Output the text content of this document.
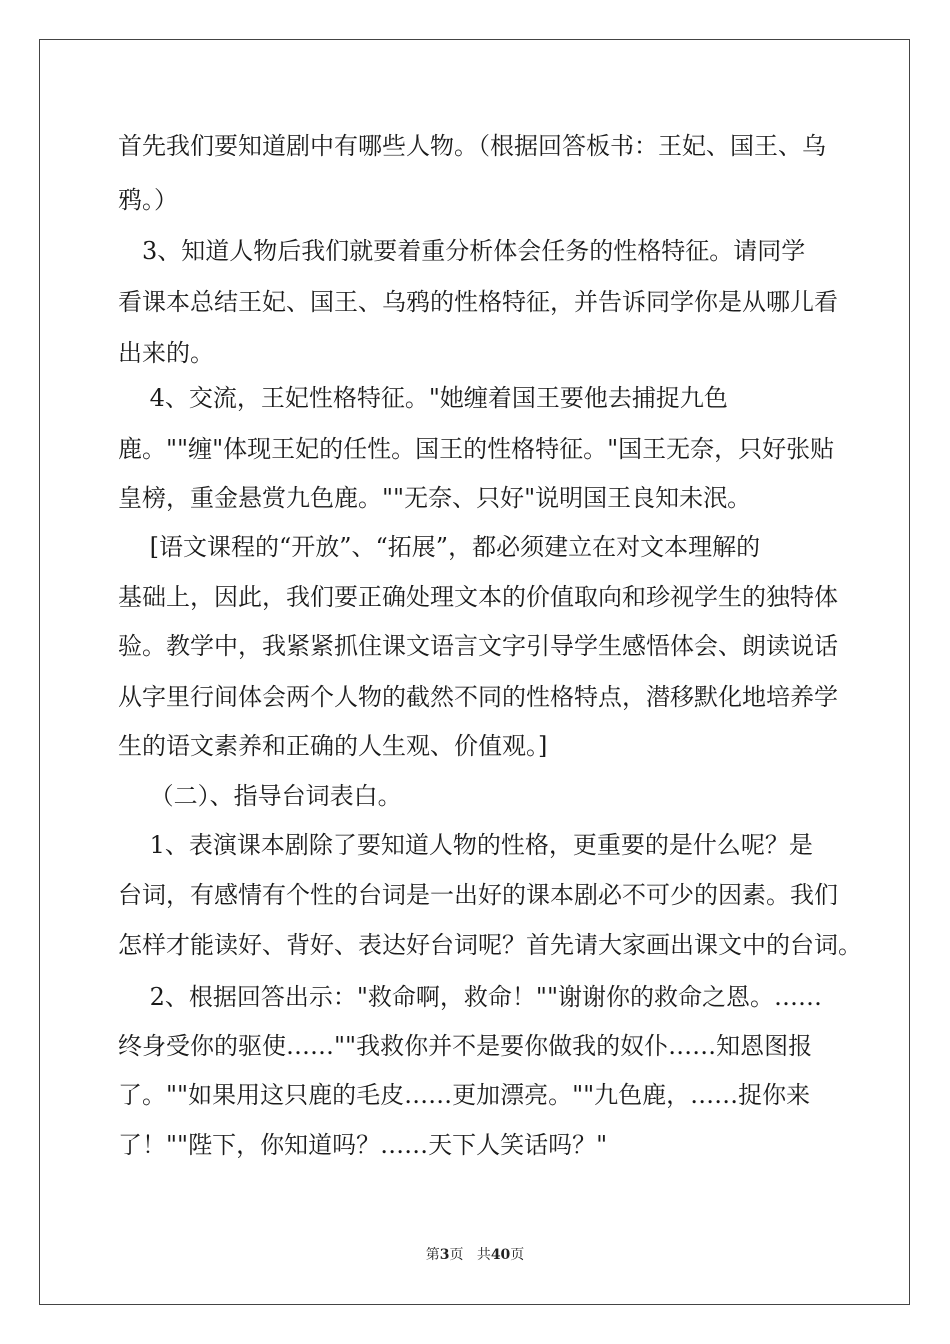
首先我们要知道剧中有哪些人物。（根据回答板书：王妃、国王、乌
鸦。）
　3、知道人物后我们就要着重分析体会任务的性格特征。请同学
看课本总结王妃、国王、乌鸦的性格特征，并告诉同学你是从哪儿看
出来的。
　 4、交流，王妃性格特征。"她缠着国王要他去捕捉九色
鹿。""缠"体现王妃的任性。国王的性格特征。"国王无奈，只好张贴
皇榜，重金悬赏九色鹿。""无奈、只好"说明国王良知未泯。
　 [语文课程的“开放”、“拓展”，都必须建立在对文本理解的
基础上，因此，我们要正确处理文本的价值取向和珍视学生的独特体
验。教学中，我紧紧抓住课文语言文字引导学生感悟体会、朗读说话
从字里行间体会两个人物的截然不同的性格特点，潜移默化地培养学
生的语文素养和正确的人生观、价值观。]
　 （二）、指导台词表白。
　 1、表演课本剧除了要知道人物的性格，更重要的是什么呢？是
台词，有感情有个性的台词是一出好的课本剧必不可少的因素。我们
怎样才能读好、背好、表达好台词呢？首先请大家画出课文中的台词。
　 2、根据回答出示："救命啊，救命！""谢谢你的救命之恩。……
终身受你的驱使……""我救你并不是要你做我的奴仆……知恩图报
了。""如果用这只鹿的毛皮……更加漂亮。""九色鹿，……捉你来
了！""陛下，你知道吗？……天下人笑话吗？"
第3页 共40页
